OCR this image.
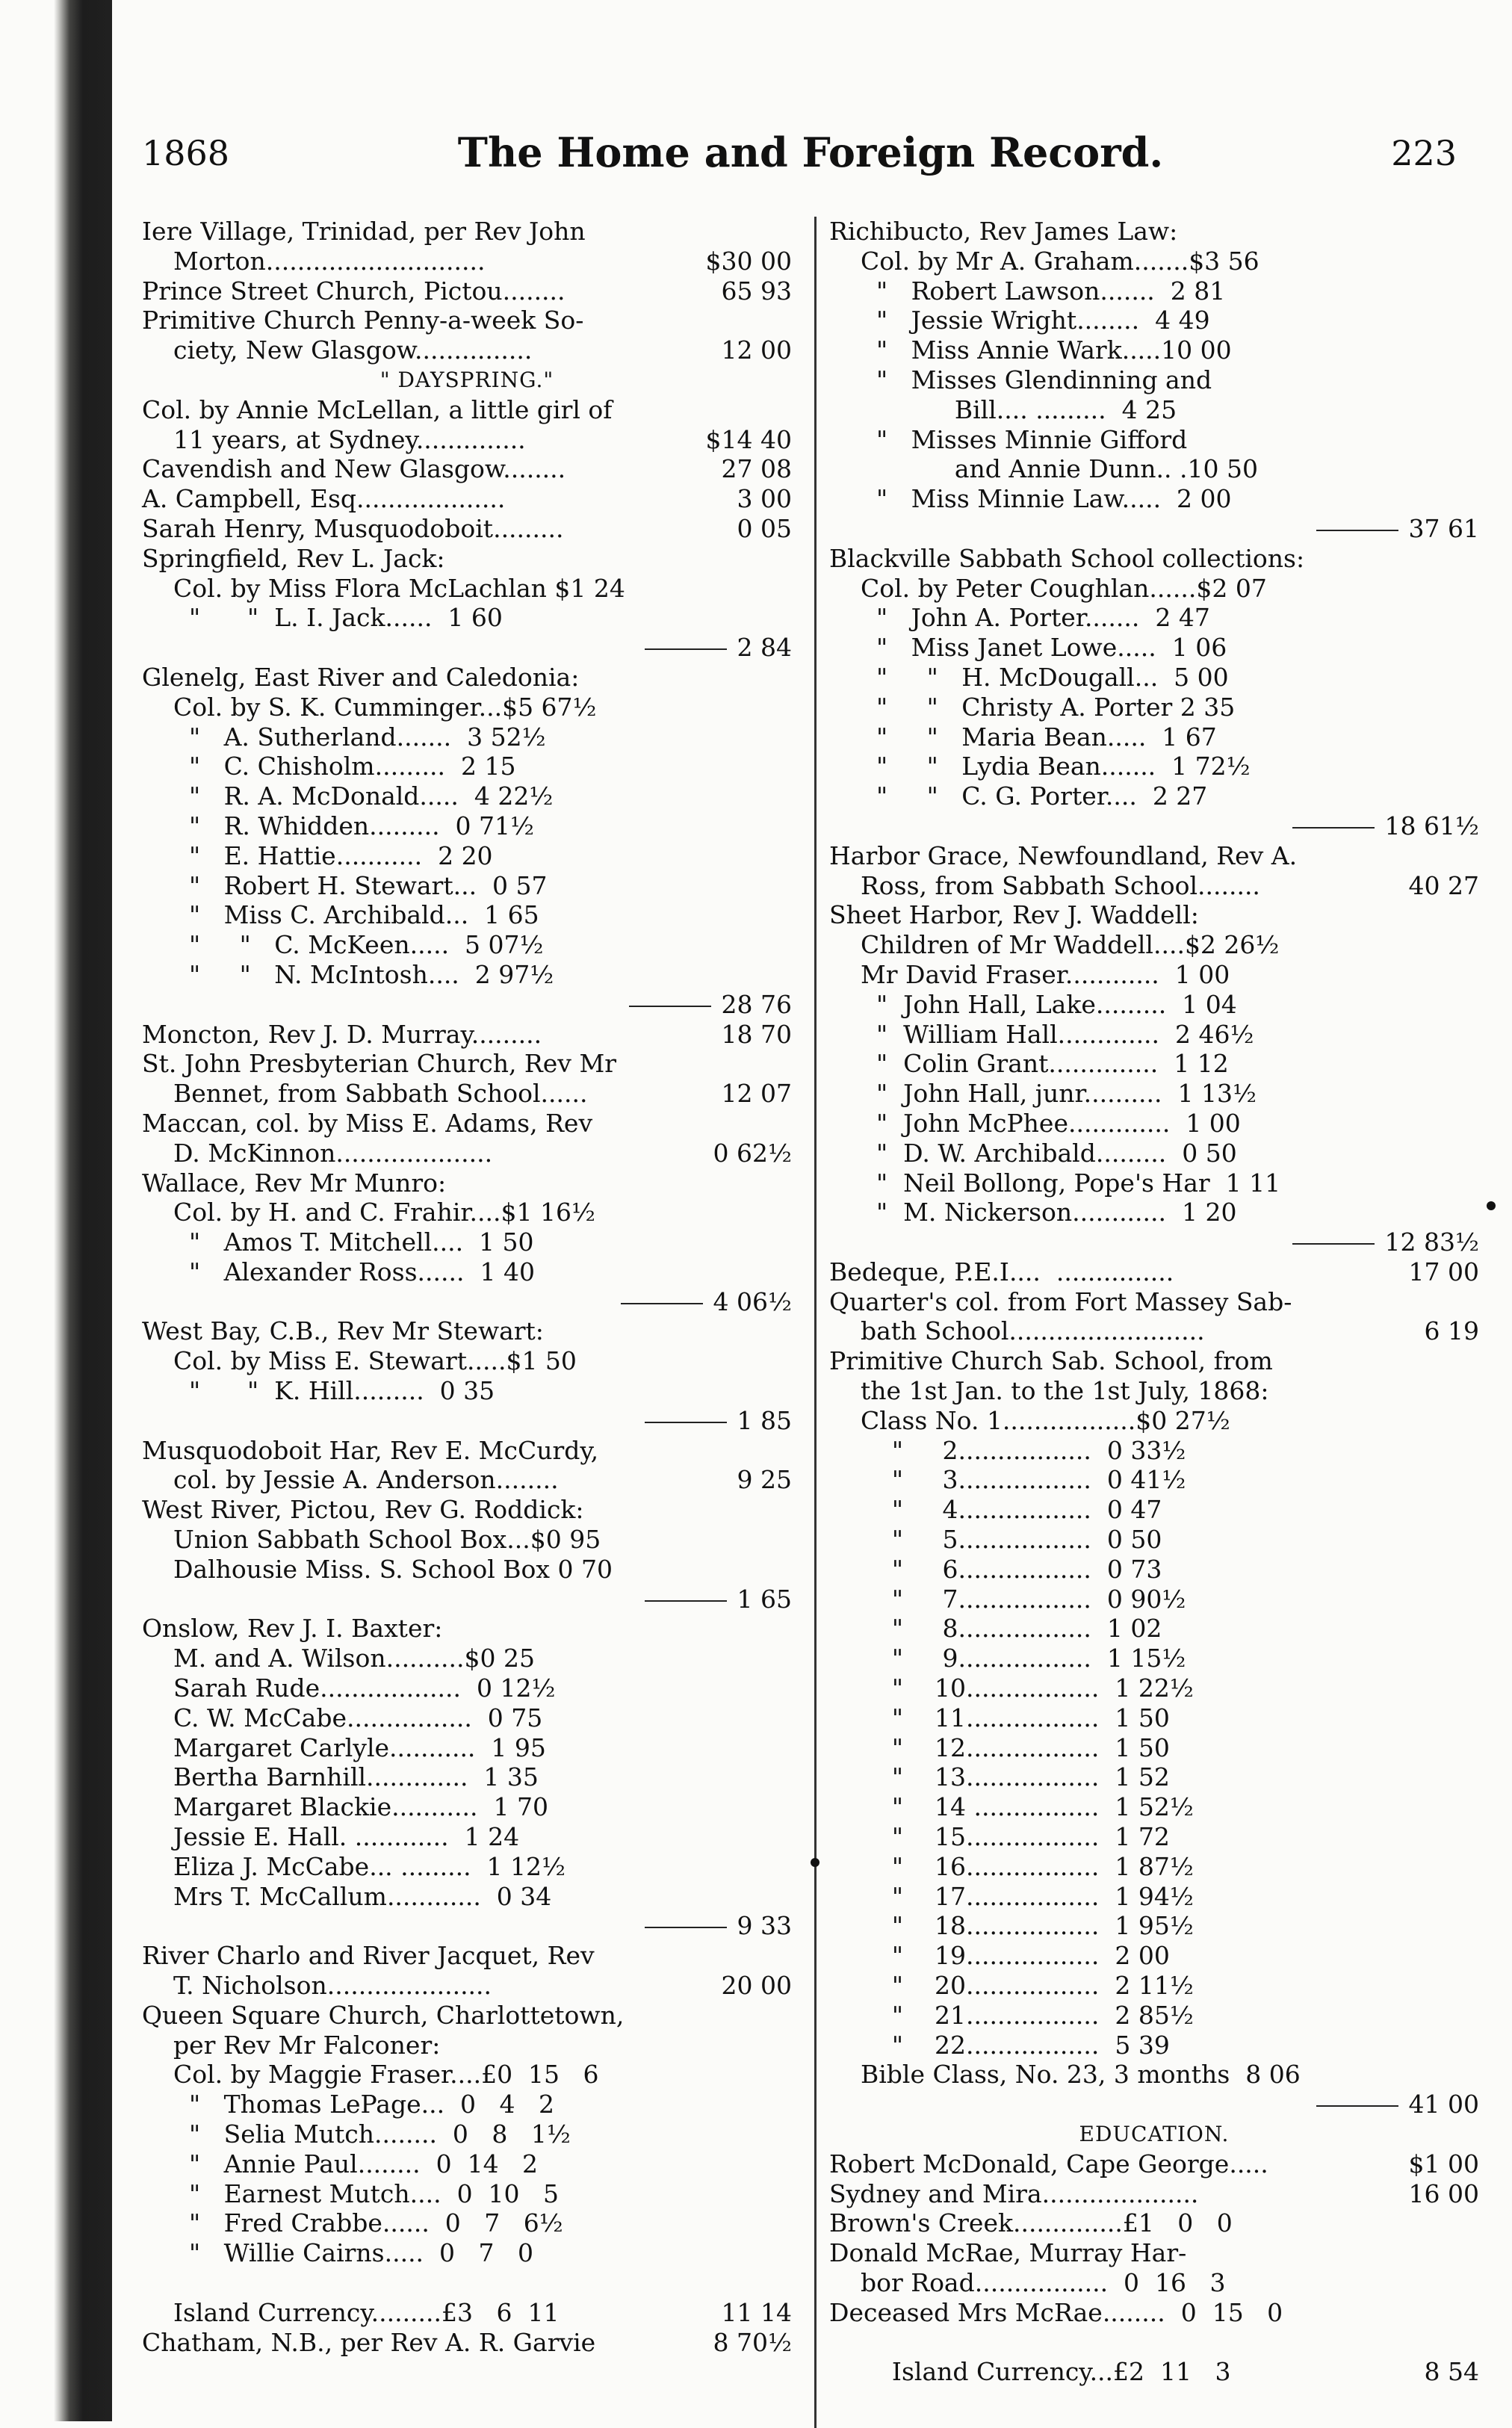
1868	The Home and Foreign Record.	223
Iere Village, Trinidad, per Rev John
Morton............................	$30 00
Prince Street Church, Pictou........	65 93
Primitive Church Penny-a-week So-
ciety, New Glasgow...............	12 00
" DAYSPRING."
Col. by Annie McLellan, a little girl of
11 years, at Sydney..............	$14 40
Cavendish and New Glasgow........	27 08
A. Campbell, Esq...................	3 00
Sarah Henry, Musquodoboit.........	0 05
Springfield, Rev L. Jack:
Col. by Miss Flora McLachlan $1 24
"      "  L. I. Jack......  1 60
2 84
Glenelg, East River and Caledonia:
Col. by S. K. Cumminger...$5 67½
"   A. Sutherland.......  3 52½
"   C. Chisholm.........  2 15
"   R. A. McDonald.....  4 22½
"   R. Whidden.........  0 71½
"   E. Hattie...........  2 20
"   Robert H. Stewart...  0 57
"   Miss C. Archibald...  1 65
"     "   C. McKeen.....  5 07½
"     "   N. McIntosh....  2 97½
28 76
Moncton, Rev J. D. Murray.........	18 70
St. John Presbyterian Church, Rev Mr
Bennet, from Sabbath School......	12 07
Maccan, col. by Miss E. Adams, Rev
D. McKinnon....................	0 62½
Wallace, Rev Mr Munro:
Col. by H. and C. Frahir....$1 16½
"   Amos T. Mitchell....  1 50
"   Alexander Ross......  1 40
4 06½
West Bay, C.B., Rev Mr Stewart:
Col. by Miss E. Stewart.....$1 50
"      "  K. Hill.........  0 35
1 85
Musquodoboit Har, Rev E. McCurdy,
col. by Jessie A. Anderson........	9 25
West River, Pictou, Rev G. Roddick:
Union Sabbath School Box...$0 95
Dalhousie Miss. S. School Box 0 70
1 65
Onslow, Rev J. I. Baxter:
M. and A. Wilson..........$0 25
Sarah Rude..................  0 12½
C. W. McCabe................  0 75
Margaret Carlyle...........  1 95
Bertha Barnhill.............  1 35
Margaret Blackie...........  1 70
Jessie E. Hall. ............  1 24
Eliza J. McCabe... .........  1 12½
Mrs T. McCallum............  0 34
9 33
River Charlo and River Jacquet, Rev
T. Nicholson.....................	20 00
Queen Square Church, Charlottetown,
per Rev Mr Falconer:
Col. by Maggie Fraser....£0  15   6
"   Thomas LePage...  0   4   2
"   Selia Mutch........  0   8   1½
"   Annie Paul........  0  14   2
"   Earnest Mutch....  0  10   5
"   Fred Crabbe......  0   7   6½
"   Willie Cairns.....  0   7   0
Island Currency.........£3   6  11	11 14
Chatham, N.B., per Rev A. R. Garvie	8 70½
Richibucto, Rev James Law:
Col. by Mr A. Graham.......$3 56
"   Robert Lawson.......  2 81
"   Jessie Wright........  4 49
"   Miss Annie Wark.....10 00
"   Misses Glendinning and
Bill.... .........  4 25
"   Misses Minnie Gifford
and Annie Dunn.. .10 50
"   Miss Minnie Law.....  2 00
37 61
Blackville Sabbath School collections:
Col. by Peter Coughlan......$2 07
"   John A. Porter.......  2 47
"   Miss Janet Lowe.....  1 06
"     "   H. McDougall...  5 00
"     "   Christy A. Porter 2 35
"     "   Maria Bean.....  1 67
"     "   Lydia Bean.......  1 72½
"     "   C. G. Porter....  2 27
18 61½
Harbor Grace, Newfoundland, Rev A.
Ross, from Sabbath School........	40 27
Sheet Harbor, Rev J. Waddell:
Children of Mr Waddell....$2 26½
Mr David Fraser............  1 00
"  John Hall, Lake.........  1 04
"  William Hall.............  2 46½
"  Colin Grant..............  1 12
"  John Hall, junr..........  1 13½
"  John McPhee.............  1 00
"  D. W. Archibald.........  0 50
"  Neil Bollong, Pope's Har  1 11
"  M. Nickerson............  1 20
12 83½
Bedeque, P.E.I....  ...............	17 00
Quarter's col. from Fort Massey Sab-
bath School.........................	6 19
Primitive Church Sab. School, from
the 1st Jan. to the 1st July, 1868:
Class No. 1.................$0 27½
"     2.................  0 33½
"     3.................  0 41½
"     4.................  0 47
"     5.................  0 50
"     6.................  0 73
"     7.................  0 90½
"     8.................  1 02
"     9.................  1 15½
"    10.................  1 22½
"    11.................  1 50
"    12.................  1 50
"    13.................  1 52
"    14 ................  1 52½
"    15.................  1 72
"    16.................  1 87½
"    17.................  1 94½
"    18.................  1 95½
"    19.................  2 00
"    20.................  2 11½
"    21.................  2 85½
"    22.................  5 39
Bible Class, No. 23, 3 months  8 06
41 00
EDUCATION.
Robert McDonald, Cape George.....	$1 00
Sydney and Mira....................	16 00
Brown's Creek..............£1   0   0
Donald McRae, Murray Har-
bor Road.................  0  16   3
Deceased Mrs McRae........  0  15   0
Island Currency...£2  11   3	8 54
